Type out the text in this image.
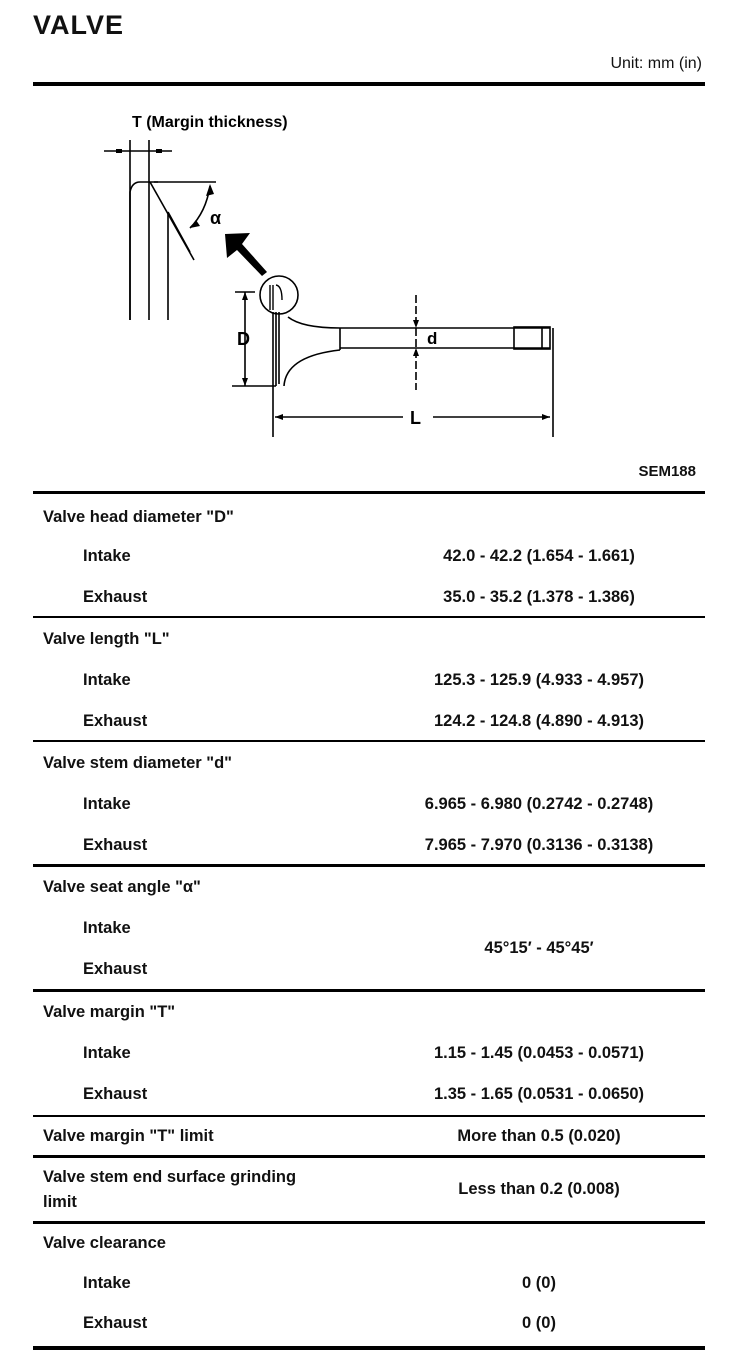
VALVE
Unit: mm (in)
T (Margin thickness)
α
D	d
L
SEM188
Valve head diameter "D"
Intake	42.0 - 42.2 (1.654 - 1.661)
Exhaust	35.0 - 35.2 (1.378 - 1.386)
Valve length "L"
Intake	125.3 - 125.9 (4.933 - 4.957)
Exhaust	124.2 - 124.8 (4.890 - 4.913)
Valve stem diameter "d"
Intake	6.965 - 6.980 (0.2742 - 0.2748)
Exhaust	7.965 - 7.970 (0.3136 - 0.3138)
Valve seat angle "α"
Intake
Exhaust
45°15′ - 45°45′
Valve margin "T"
Intake	1.15 - 1.45 (0.0453 - 0.0571)
Exhaust	1.35 - 1.65 (0.0531 - 0.0650)
Valve margin "T" limit	More than 0.5 (0.020)
Valve stem end surface grinding
limit
Less than 0.2 (0.008)
Valve clearance
Intake	0 (0)
Exhaust	0 (0)
